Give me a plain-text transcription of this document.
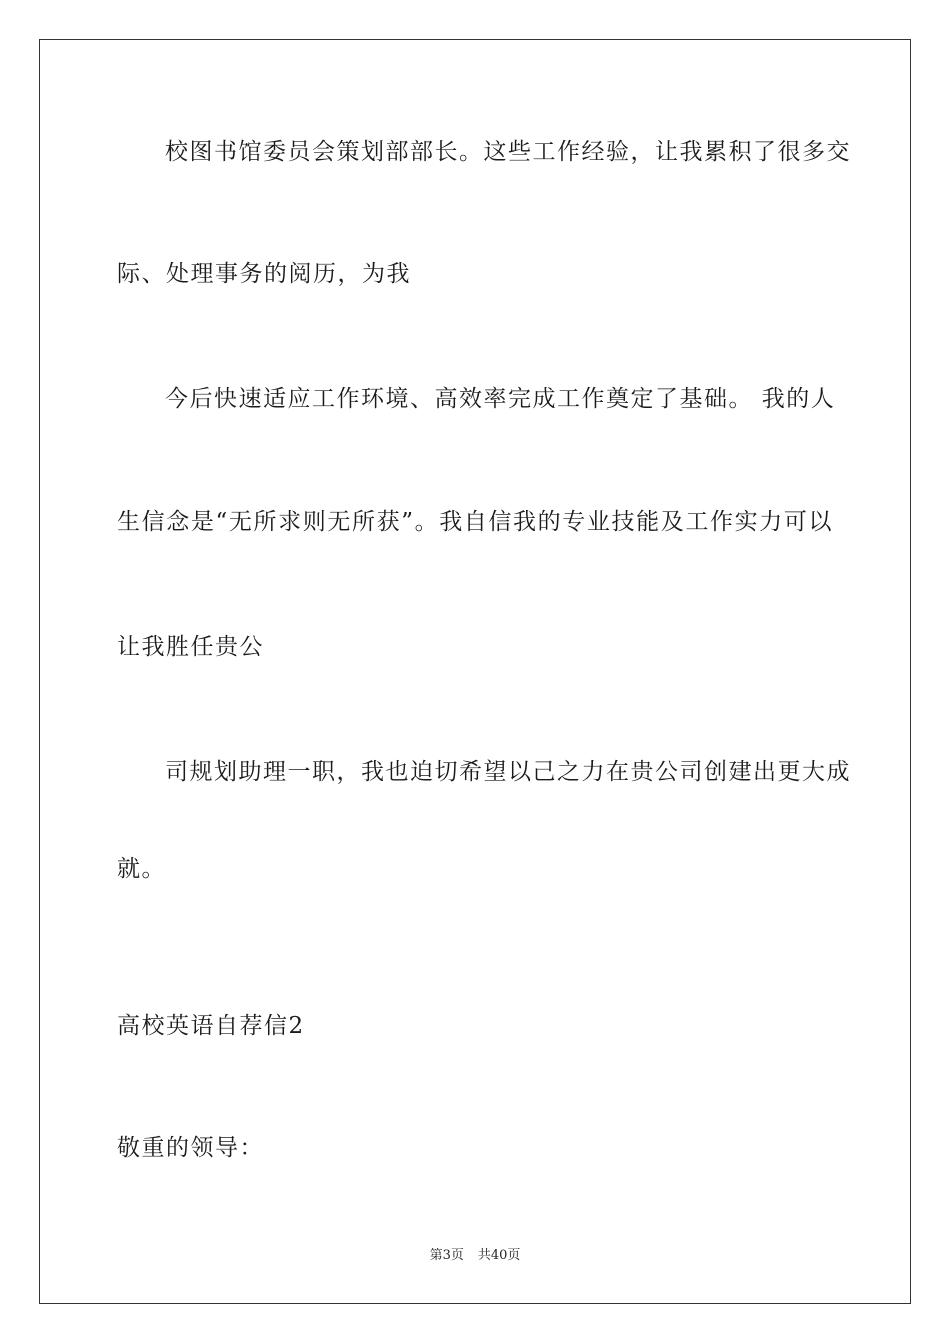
校图书馆委员会策划部部长。这些工作经验，让我累积了很多交
际、处理事务的阅历，为我
今后快速适应工作环境、高效率完成工作奠定了基础。 我的人
生信念是“无所求则无所获”。我自信我的专业技能及工作实力可以
让我胜任贵公
司规划助理一职，我也迫切希望以己之力在贵公司创建出更大成
就。
高校英语自荐信2
敬重的领导：
第3页 共40页
